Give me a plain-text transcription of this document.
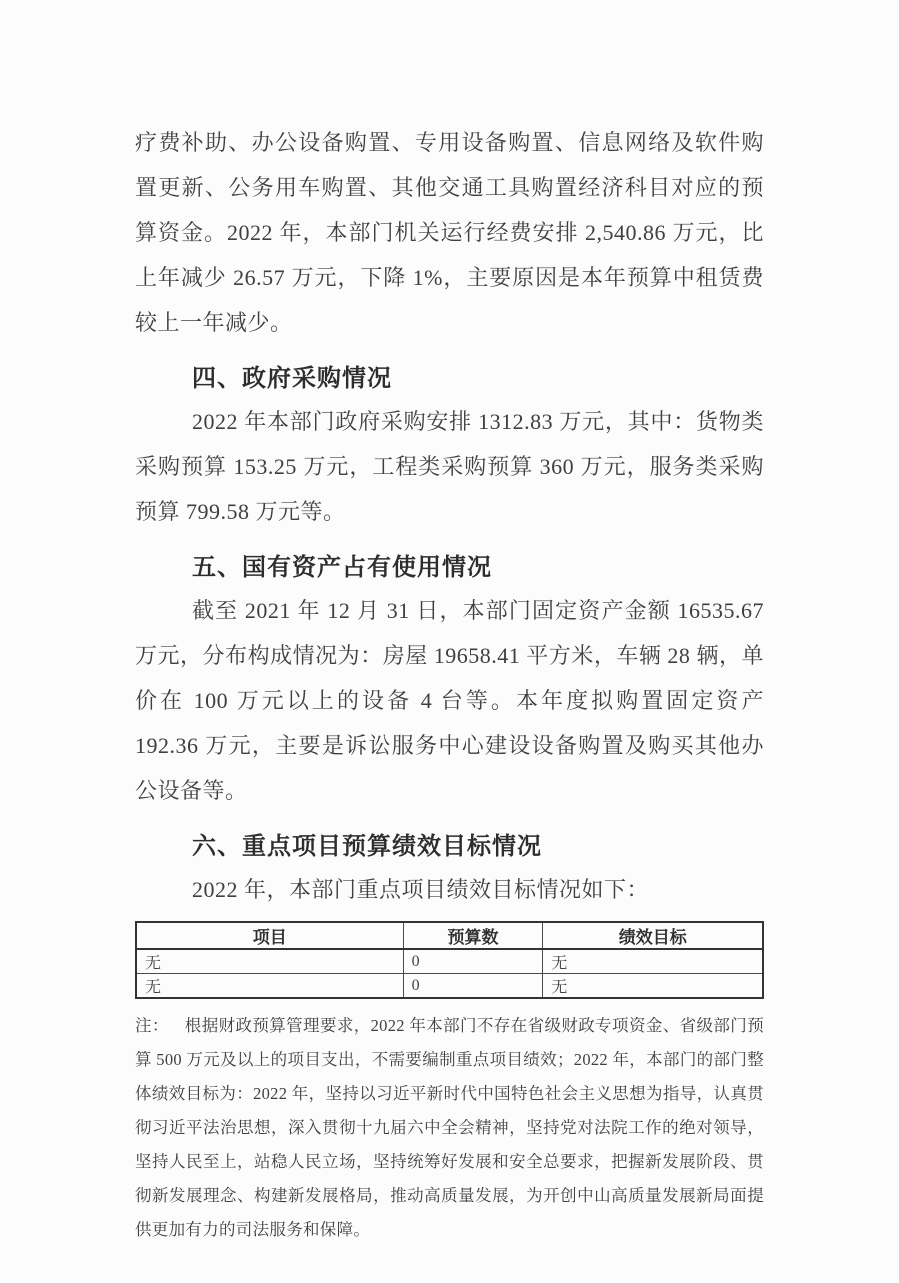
疗费补助、办公设备购置、专用设备购置、信息网络及软件购置更新、公务用车购置、其他交通工具购置经济科目对应的预算资金。2022 年，本部门机关运行经费安排 2,540.86 万元，比上年减少 26.57 万元，下降 1%，主要原因是本年预算中租赁费较上一年减少。

四、政府采购情况

2022 年本部门政府采购安排 1312.83 万元，其中：货物类采购预算 153.25 万元，工程类采购预算 360 万元，服务类采购预算 799.58 万元等。

五、国有资产占有使用情况

截至 2021 年 12 月 31 日，本部门固定资产金额 16535.67 万元，分布构成情况为：房屋 19658.41 平方米，车辆 28 辆，单价在 100 万元以上的设备 4 台等。本年度拟购置固定资产 192.36 万元，主要是诉讼服务中心建设设备购置及购买其他办公设备等。

六、重点项目预算绩效目标情况

2022 年，本部门重点项目绩效目标情况如下：

项目	预算数	绩效目标
无	0	无
无	0	无

注： 根据财政预算管理要求，2022 年本部门不存在省级财政专项资金、省级部门预算 500 万元及以上的项目支出，不需要编制重点项目绩效；2022 年，本部门的部门整体绩效目标为：2022 年，坚持以习近平新时代中国特色社会主义思想为指导，认真贯彻习近平法治思想，深入贯彻十九届六中全会精神，坚持党对法院工作的绝对领导，坚持人民至上，站稳人民立场，坚持统筹好发展和安全总要求，把握新发展阶段、贯彻新发展理念、构建新发展格局，推动高质量发展，为开创中山高质量发展新局面提供更加有力的司法服务和保障。
